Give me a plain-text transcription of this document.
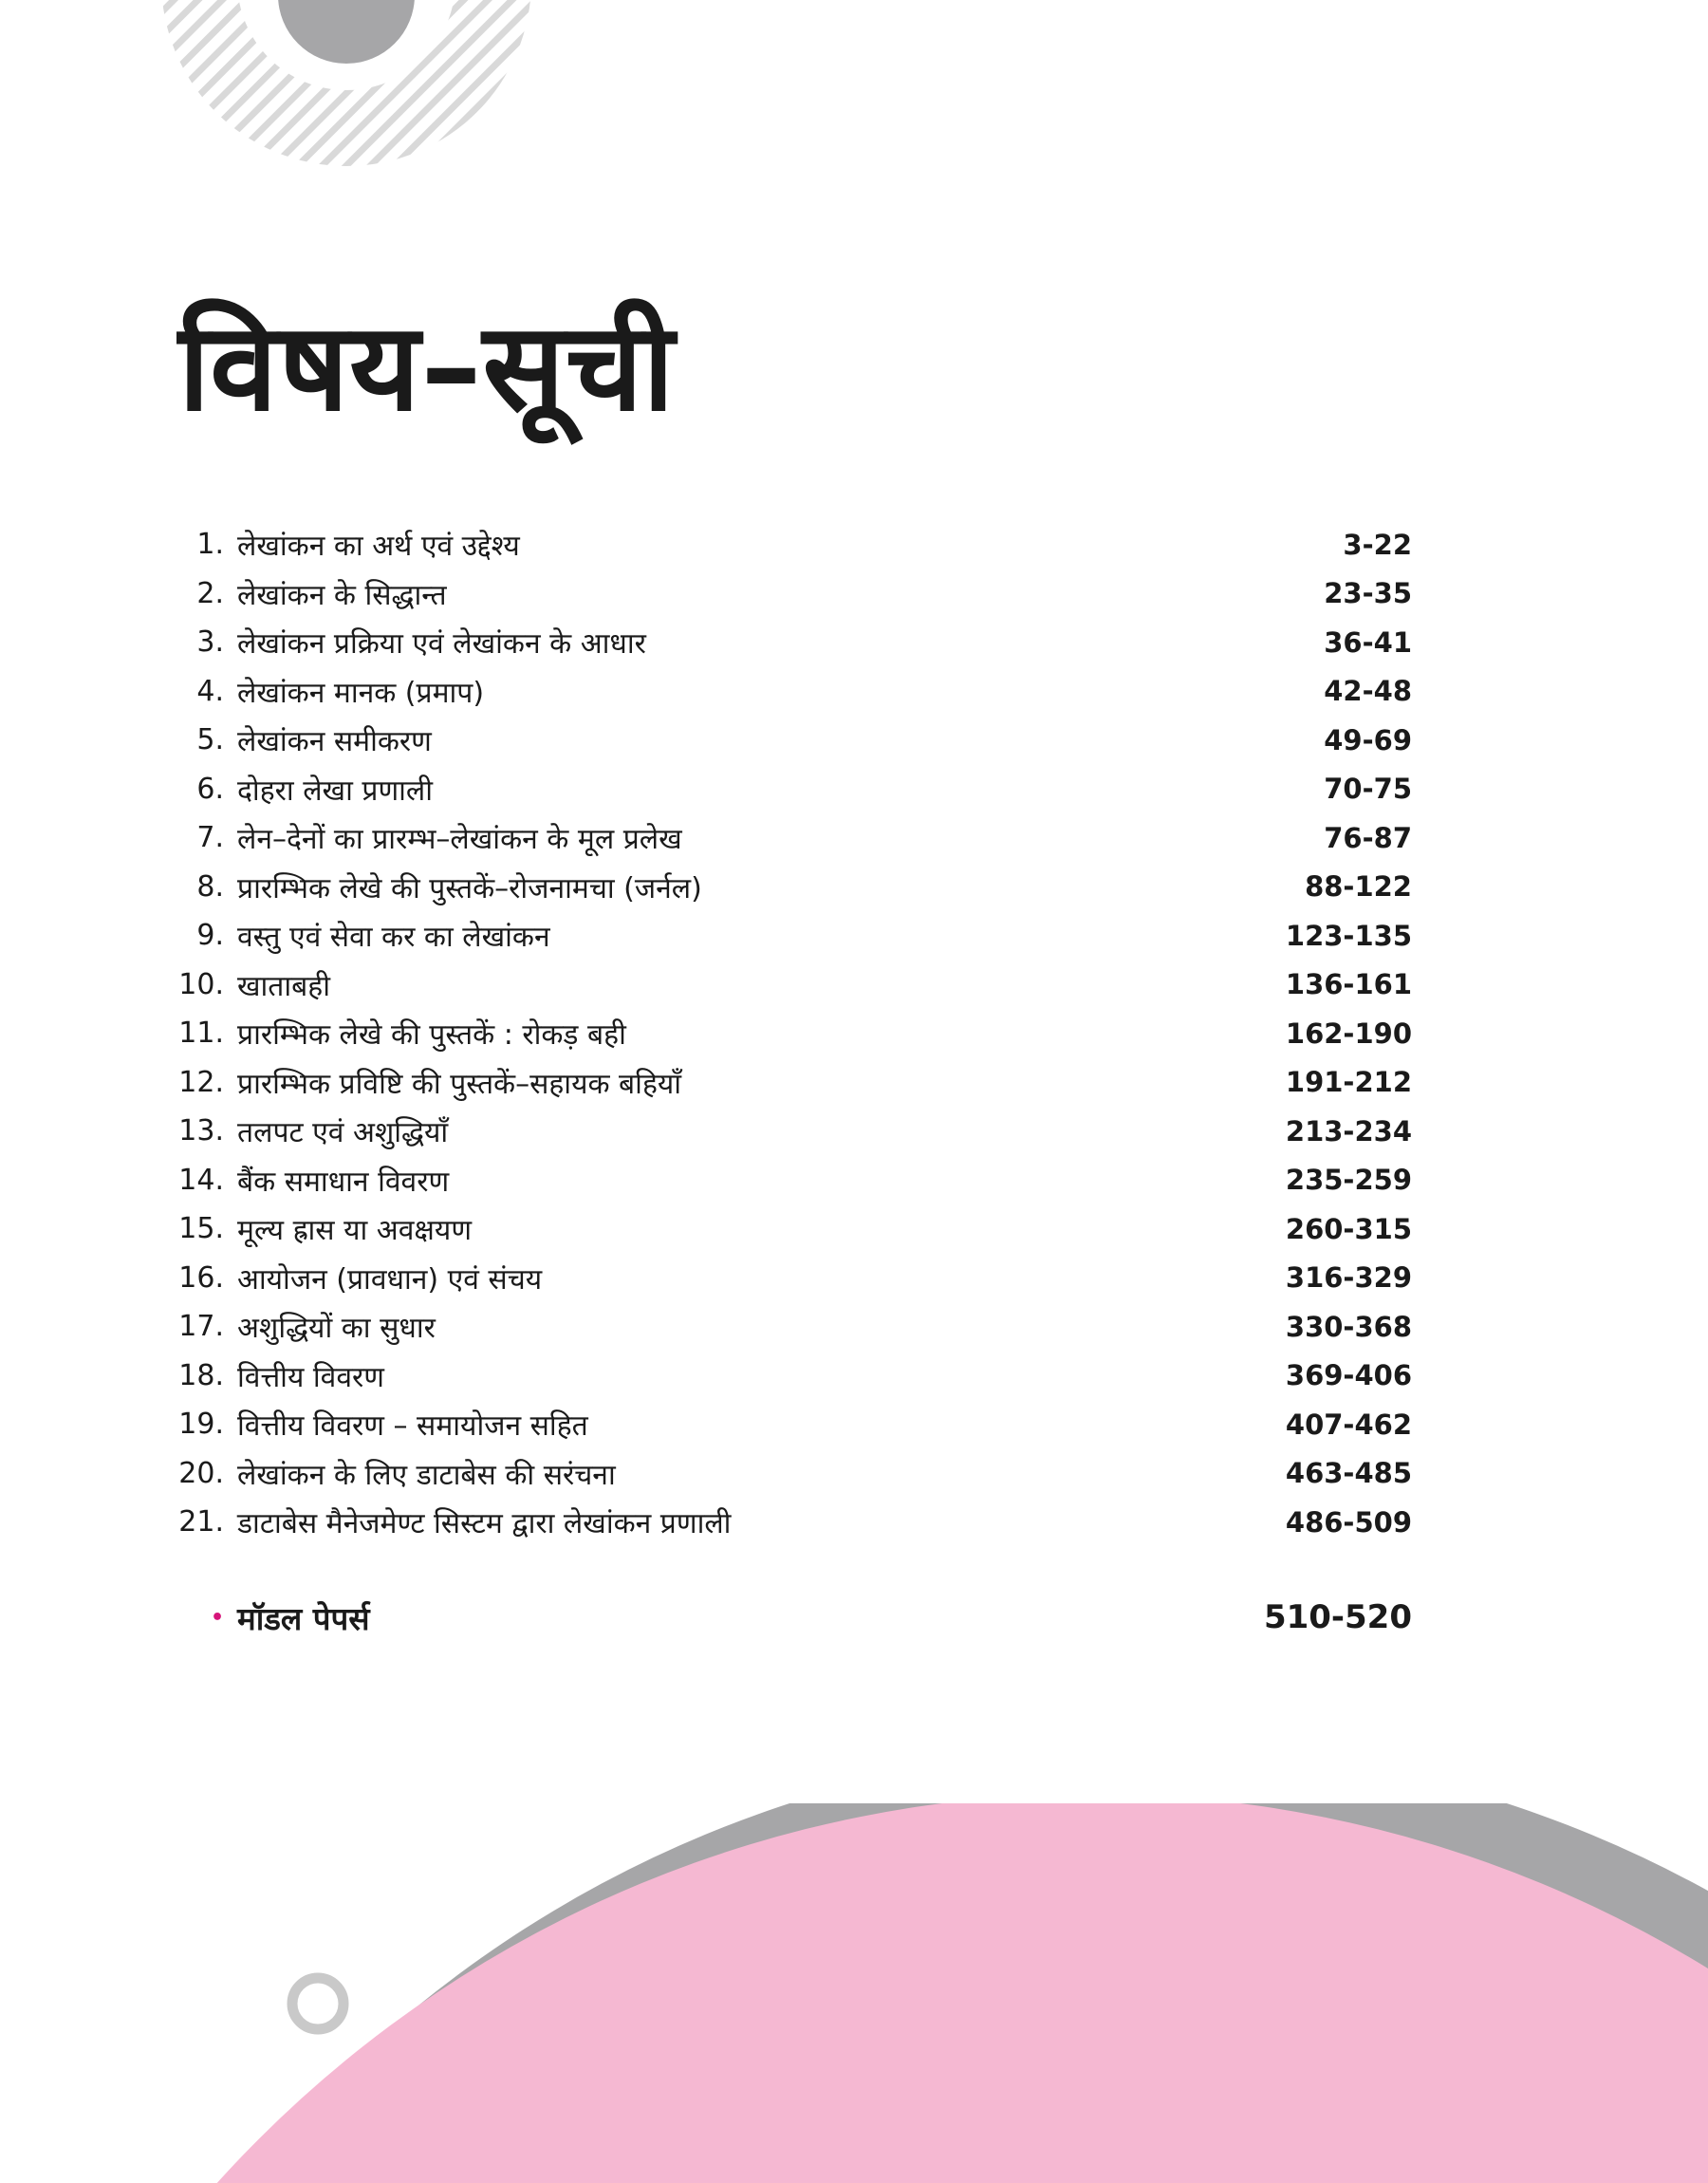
विषय–सूची
1. लेखांकन का अर्थ एवं उद्देश्य	3-22
2. लेखांकन के सिद्धान्त	23-35
3. लेखांकन प्रक्रिया एवं लेखांकन के आधार	36-41
4. लेखांकन मानक (प्रमाप)	42-48
5. लेखांकन समीकरण	49-69
6. दोहरा लेखा प्रणाली	70-75
7. लेन–देनों का प्रारम्भ–लेखांकन के मूल प्रलेख	76-87
8. प्रारम्भिक लेखे की पुस्तकें–रोजनामचा (जर्नल)	88-122
9. वस्तु एवं सेवा कर का लेखांकन	123-135
10. खाताबही	136-161
11. प्रारम्भिक लेखे की पुस्तकें : रोकड़ बही	162-190
12. प्रारम्भिक प्रविष्टि की पुस्तकें–सहायक बहियाँ	191-212
13. तलपट एवं अशुद्धियाँ	213-234
14. बैंक समाधान विवरण	235-259
15. मूल्य ह्रास या अवक्षयण	260-315
16. आयोजन (प्रावधान) एवं संचय	316-329
17. अशुद्धियों का सुधार	330-368
18. वित्तीय विवरण	369-406
19. वित्तीय विवरण – समायोजन सहित	407-462
20. लेखांकन के लिए डाटाबेस की सरंचना	463-485
21. डाटाबेस मैनेजमेण्ट सिस्टम द्वारा लेखांकन प्रणाली	486-509
• मॉडल पेपर्स	510-520
